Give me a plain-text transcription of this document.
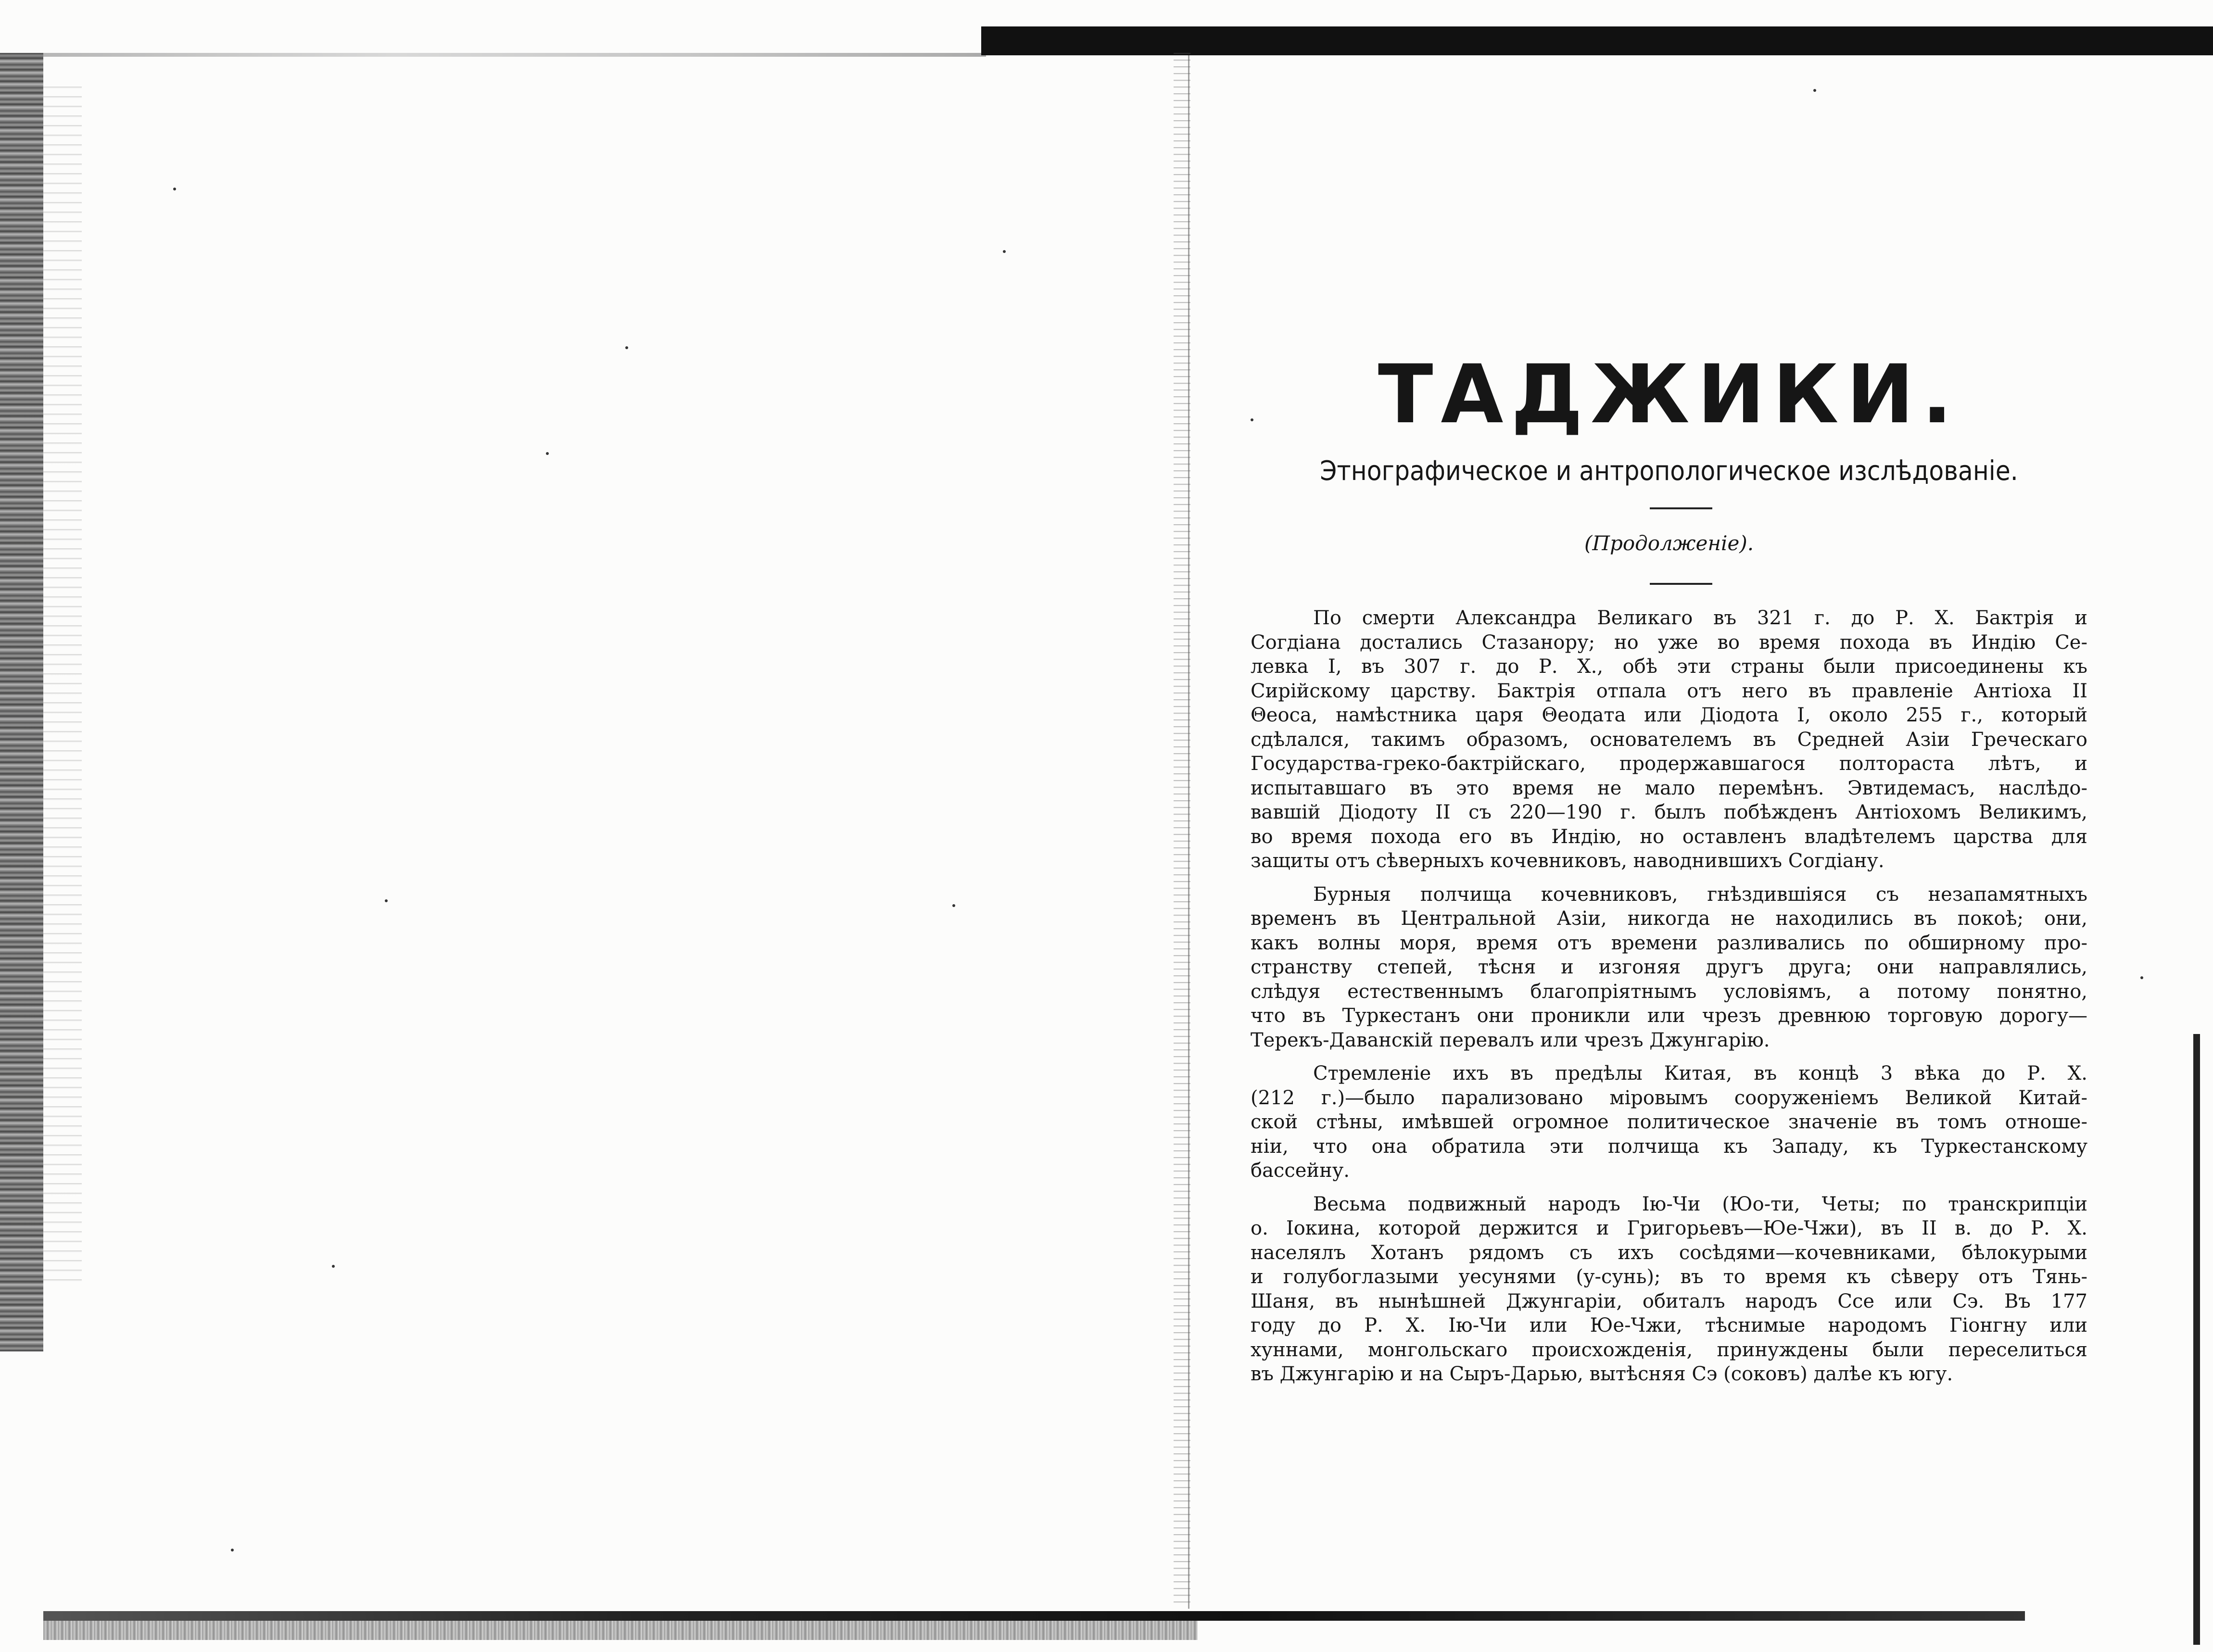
ТАДЖИКИ.
Этнографическое и антропологическое изслѣдованіе.
(Продолженіе).
По смерти Александра Великаго въ 321 г. до Р. Х. Бактрія и
Согдіана достались Стазанору; но уже во время похода въ Индію Се-
левка I, въ 307 г. до Р. Х., обѣ эти страны были присоединены къ
Сирійскому царству. Бактрія отпала отъ него въ правленіе Антіоха II
Θеоса, намѣстника царя Θеодата или Діодота I, около 255 г., который
сдѣлался, такимъ образомъ, основателемъ въ Средней Азіи Греческаго
Государства-греко-бактрійскаго, продержавшагося полтораста лѣтъ, и
испытавшаго въ это время не мало перемѣнъ. Эвтидемасъ, наслѣдо-
вавшій Діодоту II съ 220—190 г. былъ побѣжденъ Антіохомъ Великимъ,
во время похода его въ Индію, но оставленъ владѣтелемъ царства для
защиты отъ сѣверныхъ кочевниковъ, наводнившихъ Согдіану.
Бурныя полчища кочевниковъ, гнѣздившіяся съ незапамятныхъ
временъ въ Центральной Азіи, никогда не находились въ покоѣ; они,
какъ волны моря, время отъ времени разливались по обширному про-
странству степей, тѣсня и изгоняя другъ друга; они направлялись,
слѣдуя естественнымъ благопріятнымъ условіямъ, а потому понятно,
что въ Туркестанъ они проникли или чрезъ древнюю торговую дорогу—
Терекъ-Даванскій перевалъ или чрезъ Джунгарію.
Стремленіе ихъ въ предѣлы Китая, въ концѣ 3 вѣка до Р. Х.
(212 г.)—было парализовано міровымъ сооруженіемъ Великой Китай-
ской стѣны, имѣвшей огромное политическое значеніе въ томъ отноше-
ніи, что она обратила эти полчища къ Западу, къ Туркестанскому
бассейну.
Весьма подвижный народъ Ію-Чи (Юо-ти, Четы; по транскрипціи
о. Іокина, которой держится и Григорьевъ—Юе-Чжи), въ II в. до Р. Х.
населялъ Хотанъ рядомъ съ ихъ сосѣдями—кочевниками, бѣлокурыми
и голубоглазыми уесунями (у-сунь); въ то время къ сѣверу отъ Тянь-
Шаня, въ нынѣшней Джунгаріи, обиталъ народъ Ссе или Сэ. Въ 177
году до Р. Х. Ію-Чи или Юе-Чжи, тѣснимые народомъ Гіонгну или
хуннами, монгольскаго происхожденія, принуждены были переселиться
въ Джунгарію и на Сыръ-Дарью, вытѣсняя Сэ (соковъ) далѣе къ югу.
